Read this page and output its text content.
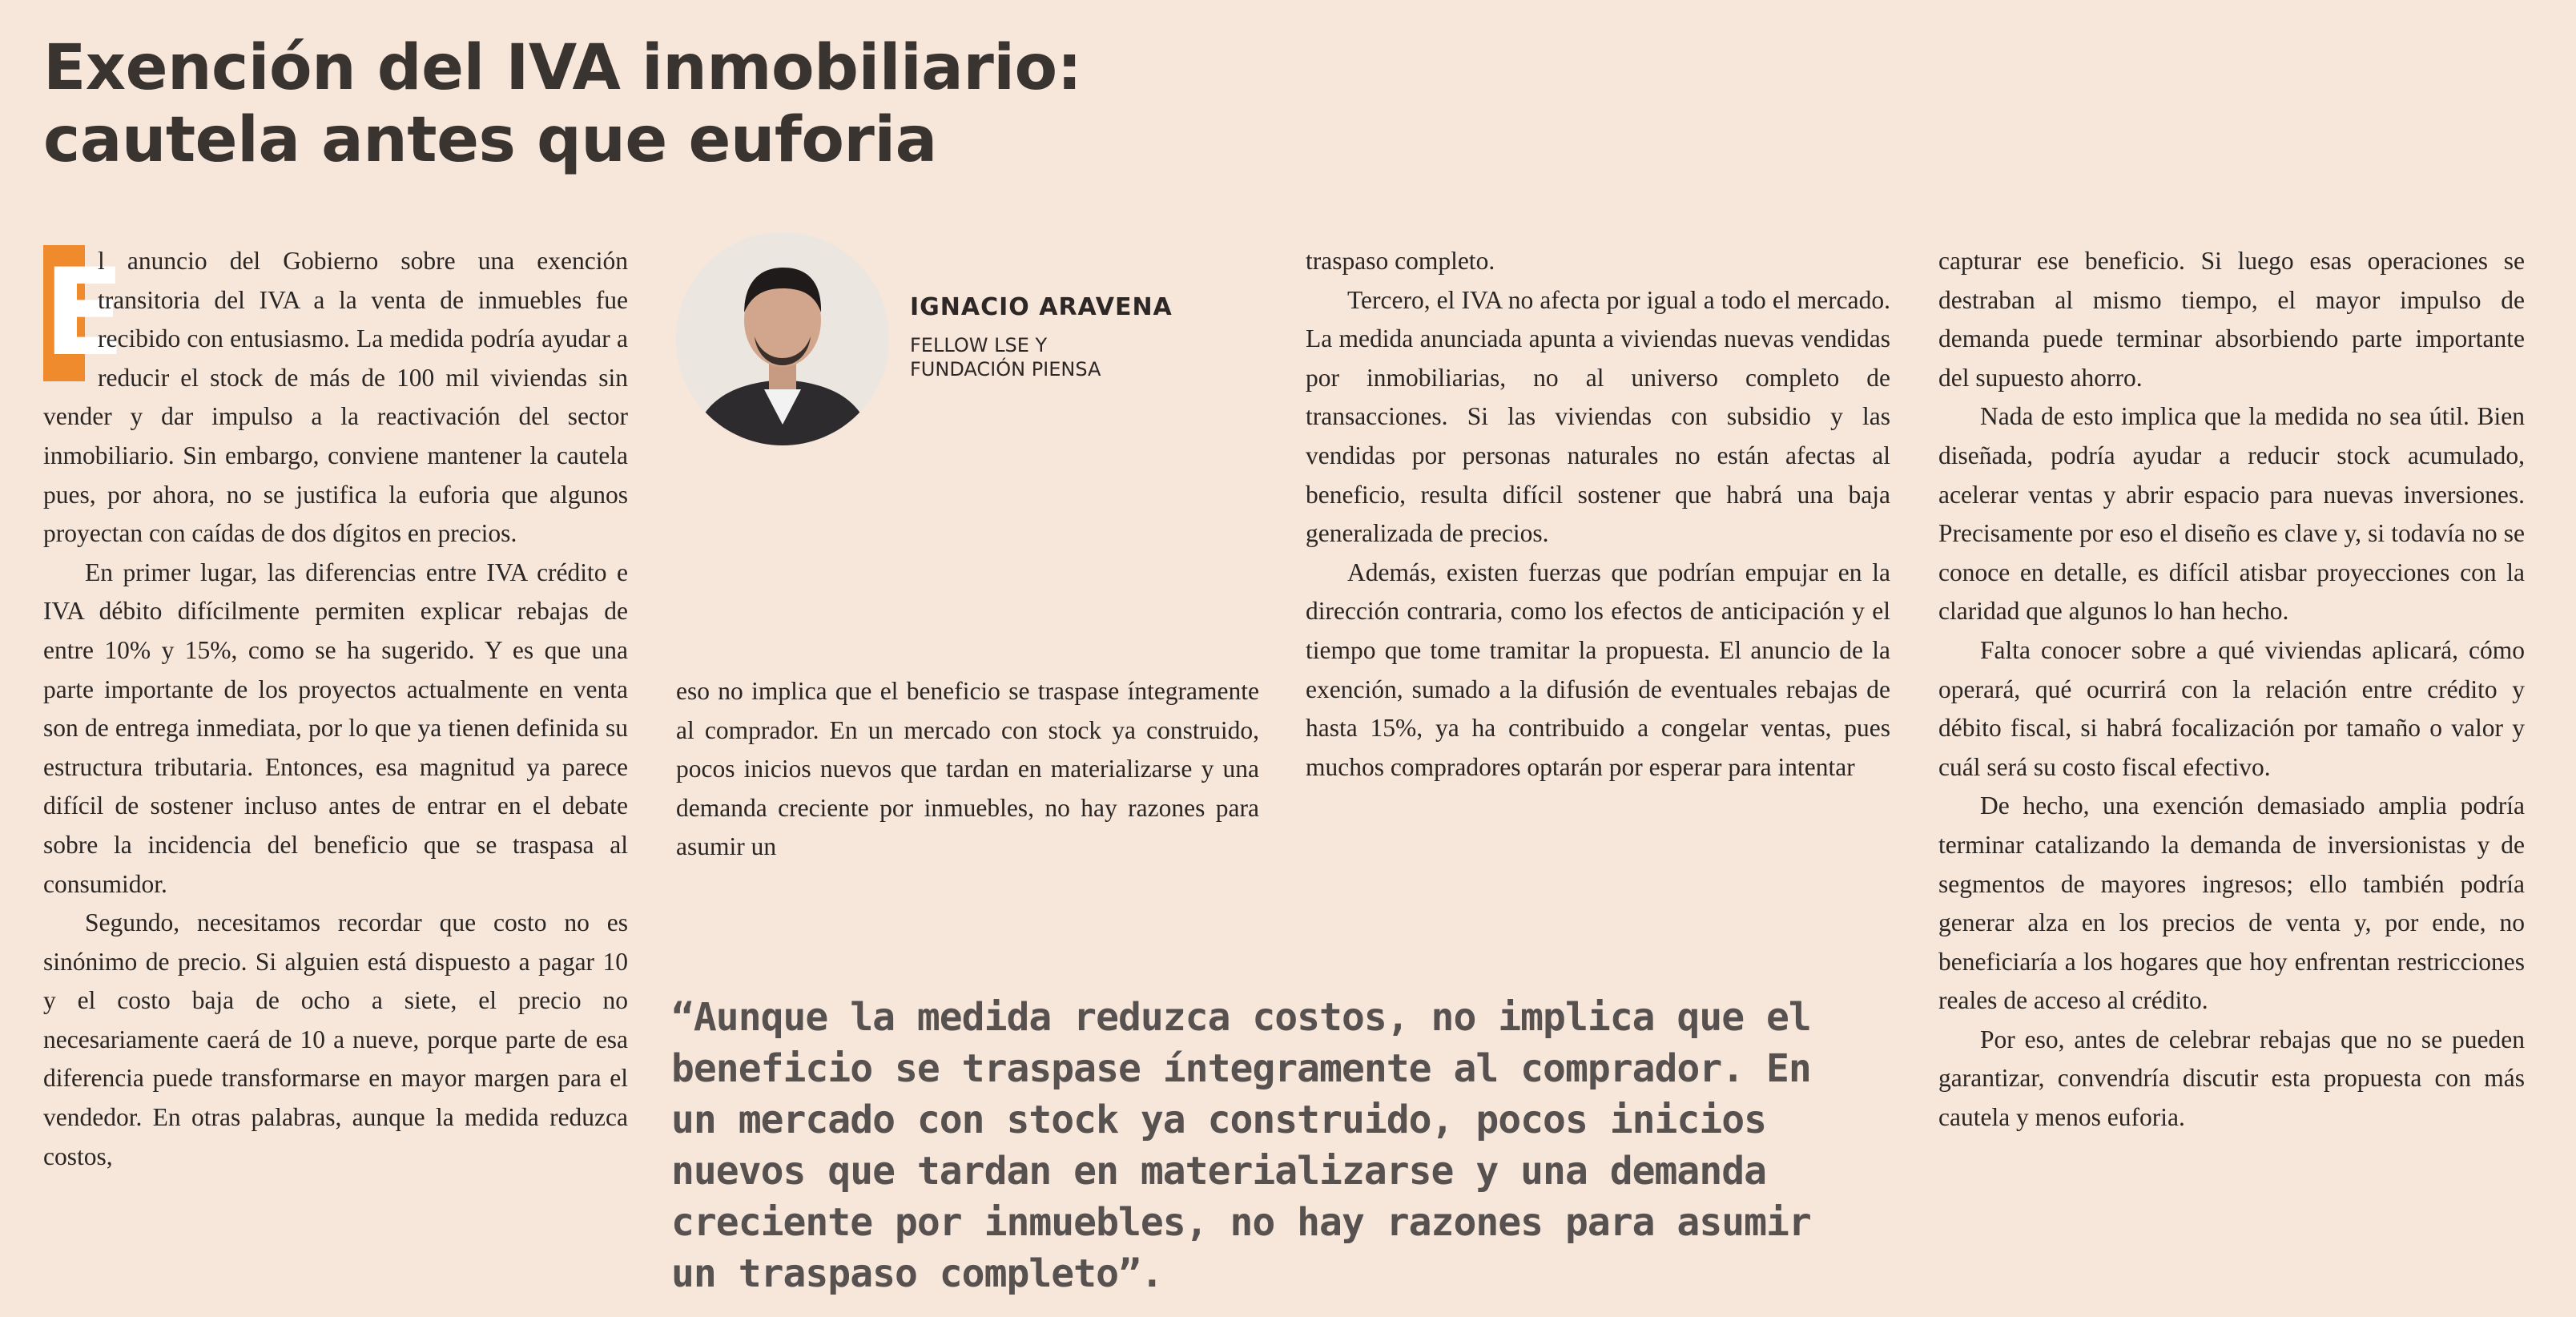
Exención del IVA inmobiliario: cautela antes que euforia

E
l anuncio del Gobierno sobre una exención transitoria del IVA a la venta de inmuebles fue recibido con entusiasmo. La medida podría ayudar a reducir el stock de más de 100 mil viviendas sin vender y dar impulso a la reactivación del sector inmobiliario. Sin embargo, conviene mantener la cautela pues, por ahora, no se justifica la euforia que algunos proyectan con caídas de dos dígitos en precios.

En primer lugar, las diferencias entre IVA crédito e IVA débito difícilmente permiten explicar rebajas de entre 10% y 15%, como se ha sugerido. Y es que una parte importante de los proyectos actualmente en venta son de entrega inmediata, por lo que ya tienen definida su estructura tributaria. Entonces, esa magnitud ya parece difícil de sostener incluso antes de entrar en el debate sobre la incidencia del beneficio que se traspasa al consumidor.

Segundo, necesitamos recordar que costo no es sinónimo de precio. Si alguien está dispuesto a pagar 10 y el costo baja de ocho a siete, el precio no necesariamente caerá de 10 a nueve, porque parte de esa diferencia puede transformarse en mayor margen para el vendedor. En otras palabras, aunque la medida reduzca costos,

IGNACIO ARAVENA
FELLOW LSE Y
FUNDACIÓN PIENSA

eso no implica que el beneficio se traspase íntegramente al comprador. En un mercado con stock ya construido, pocos inicios nuevos que tardan en materializarse y una demanda creciente por inmuebles, no hay razones para asumir un

“Aunque la medida reduzca costos, no implica que el beneficio se traspase íntegramente al comprador. En un mercado con stock ya construido, pocos inicios nuevos que tardan en materializarse y una demanda creciente por inmuebles, no hay razones para asumir un traspaso completo”.

traspaso completo.

Tercero, el IVA no afecta por igual a todo el mercado. La medida anunciada apunta a viviendas nuevas vendidas por inmobiliarias, no al universo completo de transacciones. Si las viviendas con subsidio y las vendidas por personas naturales no están afectas al beneficio, resulta difícil sostener que habrá una baja generalizada de precios.

Además, existen fuerzas que podrían empujar en la dirección contraria, como los efectos de anticipación y el tiempo que tome tramitar la propuesta. El anuncio de la exención, sumado a la difusión de eventuales rebajas de hasta 15%, ya ha contribuido a congelar ventas, pues muchos compradores optarán por esperar para intentar

capturar ese beneficio. Si luego esas operaciones se destraban al mismo tiempo, el mayor impulso de demanda puede terminar absorbiendo parte importante del supuesto ahorro.

Nada de esto implica que la medida no sea útil. Bien diseñada, podría ayudar a reducir stock acumulado, acelerar ventas y abrir espacio para nuevas inversiones. Precisamente por eso el diseño es clave y, si todavía no se conoce en detalle, es difícil atisbar proyecciones con la claridad que algunos lo han hecho.

Falta conocer sobre a qué viviendas aplicará, cómo operará, qué ocurrirá con la relación entre crédito y débito fiscal, si habrá focalización por tamaño o valor y cuál será su costo fiscal efectivo.

De hecho, una exención demasiado amplia podría terminar catalizando la demanda de inversionistas y de segmentos de mayores ingresos; ello también podría generar alza en los precios de venta y, por ende, no beneficiaría a los hogares que hoy enfrentan restricciones reales de acceso al crédito.

Por eso, antes de celebrar rebajas que no se pueden garantizar, convendría discutir esta propuesta con más cautela y menos euforia.
